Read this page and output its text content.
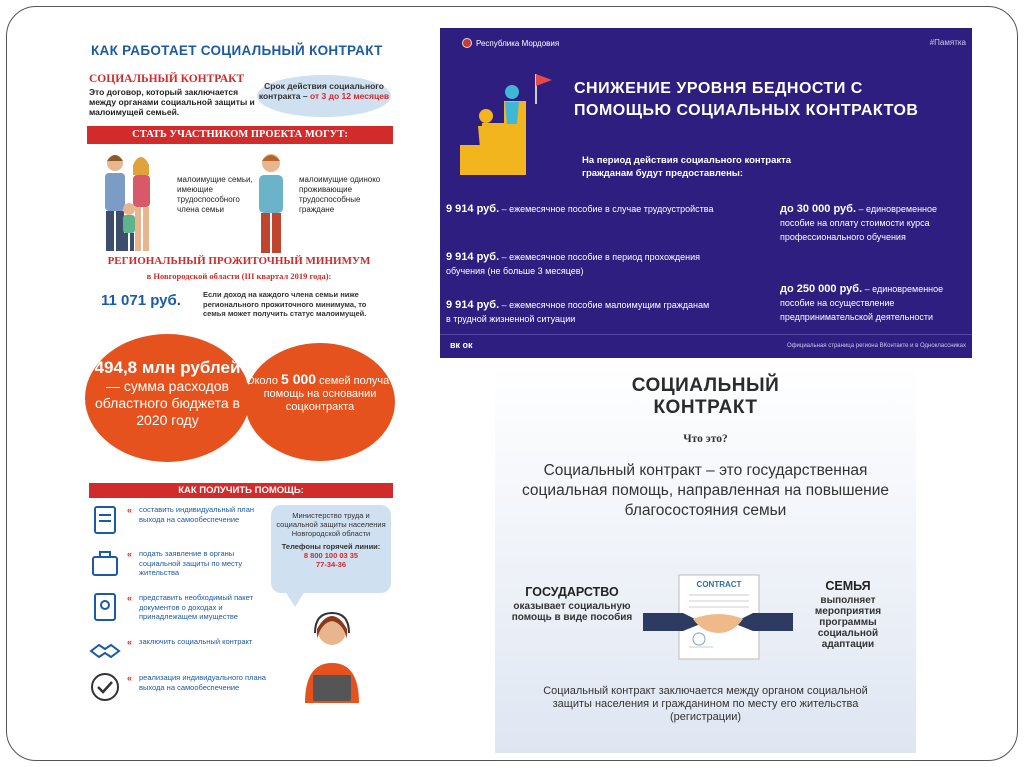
КАК РАБОТАЕТ СОЦИАЛЬНЫЙ КОНТРАКТ
СОЦИАЛЬНЫЙ КОНТРАКТ
Это договор, который заключается между органами социальной защиты и малоимущей семьей.
Срок действия социального контракта – от 3 до 12 месяцев
СТАТЬ УЧАСТНИКОМ ПРОЕКТА МОГУТ:
малоимущие семьи, имеющие трудоспособного члена семьи
малоимущие одиноко проживающие трудоспособные граждане
РЕГИОНАЛЬНЫЙ ПРОЖИТОЧНЫЙ МИНИМУМ
в Новгородской области (III квартал 2019 года):
11 071 руб.	Если доход на каждого члена семьи ниже регионального прожиточного минимума, то семья может получить статус малоимущей.
494,8 млн рублей
— сумма расходов областного бюджета в 2020 году
Около 5 000 семей получат помощь на основании соцконтракта
КАК ПОЛУЧИТЬ ПОМОЩЬ:
« составить индивидуальный план выхода на самообеспечение
« подать заявление в органы социальной защиты по месту жительства
« представить необходимый пакет документов о доходах и принадлежащем имуществе
« заключить социальный контракт
« реализация индивидуального плана выхода на самообеспечение
Министерство труда и социальной защиты населения Новгородской области
Телефоны горячей линии:
8 800 100 03 35
77-34-36
Республика Мордовия	#Памятка
СНИЖЕНИЕ УРОВНЯ БЕДНОСТИ С ПОМОЩЬЮ СОЦИАЛЬНЫХ КОНТРАКТОВ
На период действия социального контракта гражданам будут предоставлены:
9 914 руб. – ежемесячное пособие в случае трудоустройства
9 914 руб. – ежемесячное пособие в период прохождения обучения (не больше 3 месяцев)
9 914 руб. – ежемесячное пособие малоимущим гражданам в трудной жизненной ситуации
до 30 000 руб. – единовременное пособие на оплату стоимости курса профессионального обучения
до 250 000 руб. – единовременное пособие на осуществление предпринимательской деятельности
вк ок	Официальная страница региона ВКонтакте и в Одноклассниках
СОЦИАЛЬНЫЙ КОНТРАКТ
Что это?
Социальный контракт – это государственная социальная помощь, направленная на повышение благосостояния семьи
ГОСУДАРСТВО
оказывает социальную помощь в виде пособия
CONTRACT	СЕМЬЯ
выполняет мероприятия программы социальной адаптации
Социальный контракт заключается между органом социальной защиты населения и гражданином по месту его жительства (регистрации)
